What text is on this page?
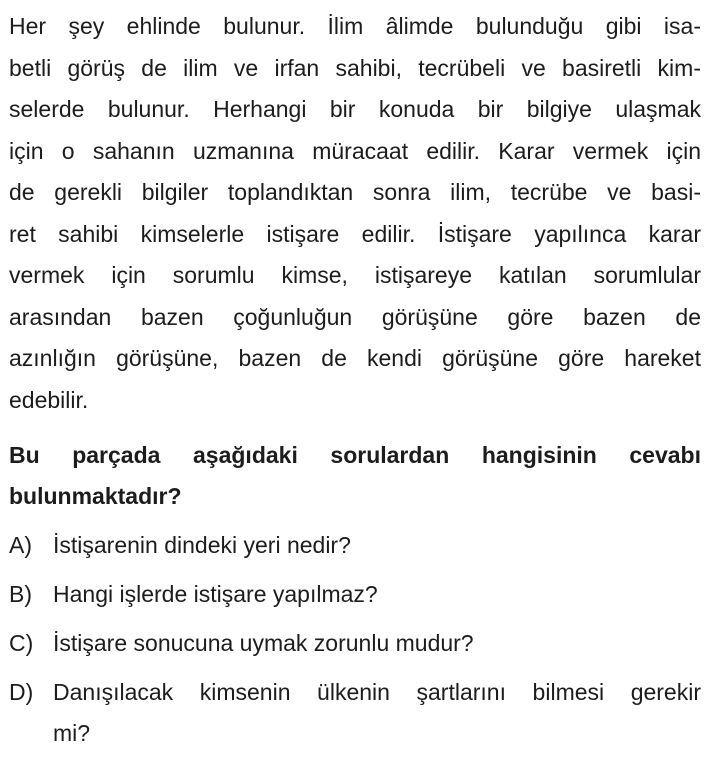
Her şey ehlinde bulunur. İlim âlimde bulunduğu gibi isa-
betli görüş de ilim ve irfan sahibi, tecrübeli ve basiretli kim-
selerde bulunur. Herhangi bir konuda bir bilgiye ulaşmak
için o sahanın uzmanına müracaat edilir. Karar vermek için
de gerekli bilgiler toplandıktan sonra ilim, tecrübe ve basi-
ret sahibi kimselerle istişare edilir. İstişare yapılınca karar
vermek için sorumlu kimse, istişareye katılan sorumlular
arasından bazen çoğunluğun görüşüne göre bazen de
azınlığın görüşüne, bazen de kendi görüşüne göre hareket
edebilir.
Bu parçada aşağıdaki sorulardan hangisinin cevabı
bulunmaktadır?
A) İstişarenin dindeki yeri nedir?
B) Hangi işlerde istişare yapılmaz?
C) İstişare sonucuna uymak zorunlu mudur?
D) Danışılacak kimsenin ülkenin şartlarını bilmesi gerekir
mi?
